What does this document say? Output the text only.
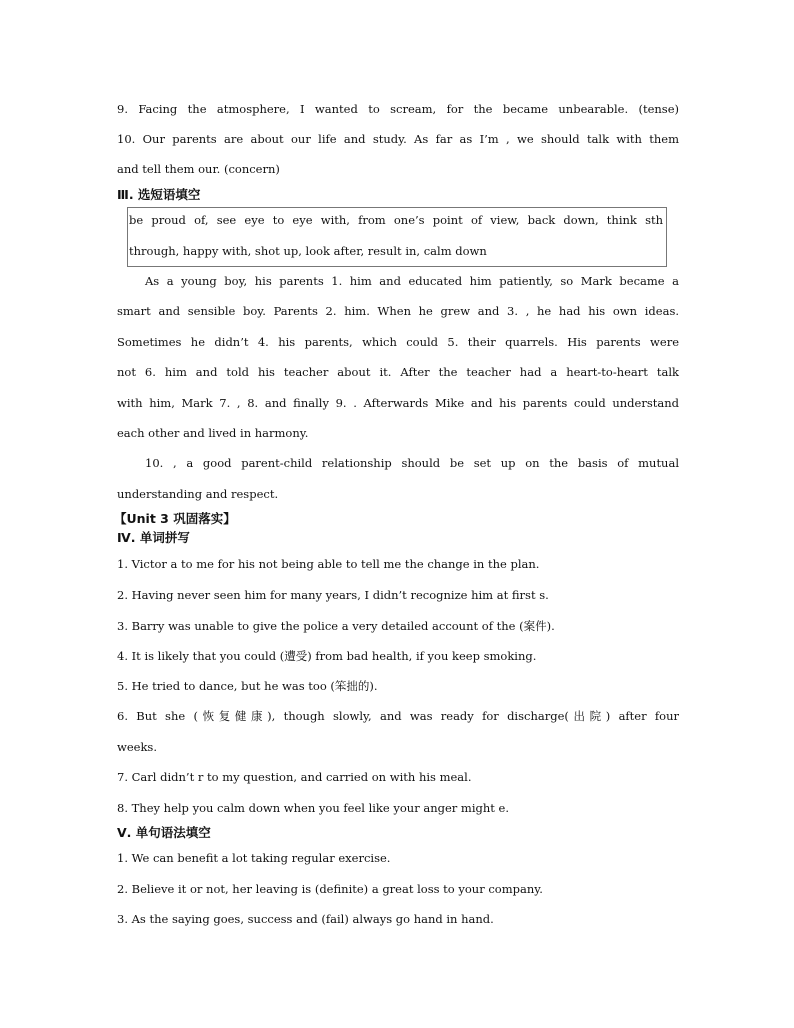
9. Facing the atmosphere, I wanted to scream, for the became unbearable. (tense)
10. Our parents are about our life and study. As far as I’m , we should talk with them
and tell them our. (concern)
Ⅲ. 选短语填空
be proud of, see eye to eye with, from one’s point of view, back down, think sth
through, happy with, shot up, look after, result in, calm down
As a young boy, his parents 1. him and educated him patiently, so Mark became a
smart and sensible boy. Parents 2. him. When he grew and 3. , he had his own ideas.
Sometimes he didn’t 4. his parents, which could 5. their quarrels. His parents were
not 6. him and told his teacher about it. After the teacher had a heart-to-heart talk
with him, Mark 7. , 8. and finally 9. . Afterwards Mike and his parents could understand
each other and lived in harmony.
10. , a good parent-child relationship should be set up on the basis of mutual
understanding and respect.
【Unit 3 巩固落实】
Ⅳ. 单词拼写
1. Victor a to me for his not being able to tell me the change in the plan.
2. Having never seen him for many years, I didn’t recognize him at first s.
3. Barry was unable to give the police a very detailed account of the (案件).
4. It is likely that you could (遭受) from bad health, if you keep smoking.
5. He tried to dance, but he was too (笨拙的).
6. But she (恢复健康), though slowly, and was ready for discharge(出院) after four
weeks.
7. Carl didn’t r to my question, and carried on with his meal.
8. They help you calm down when you feel like your anger might e.
Ⅴ. 单句语法填空
1. We can benefit a lot taking regular exercise.
2. Believe it or not, her leaving is (definite) a great loss to your company.
3. As the saying goes, success and (fail) always go hand in hand.
